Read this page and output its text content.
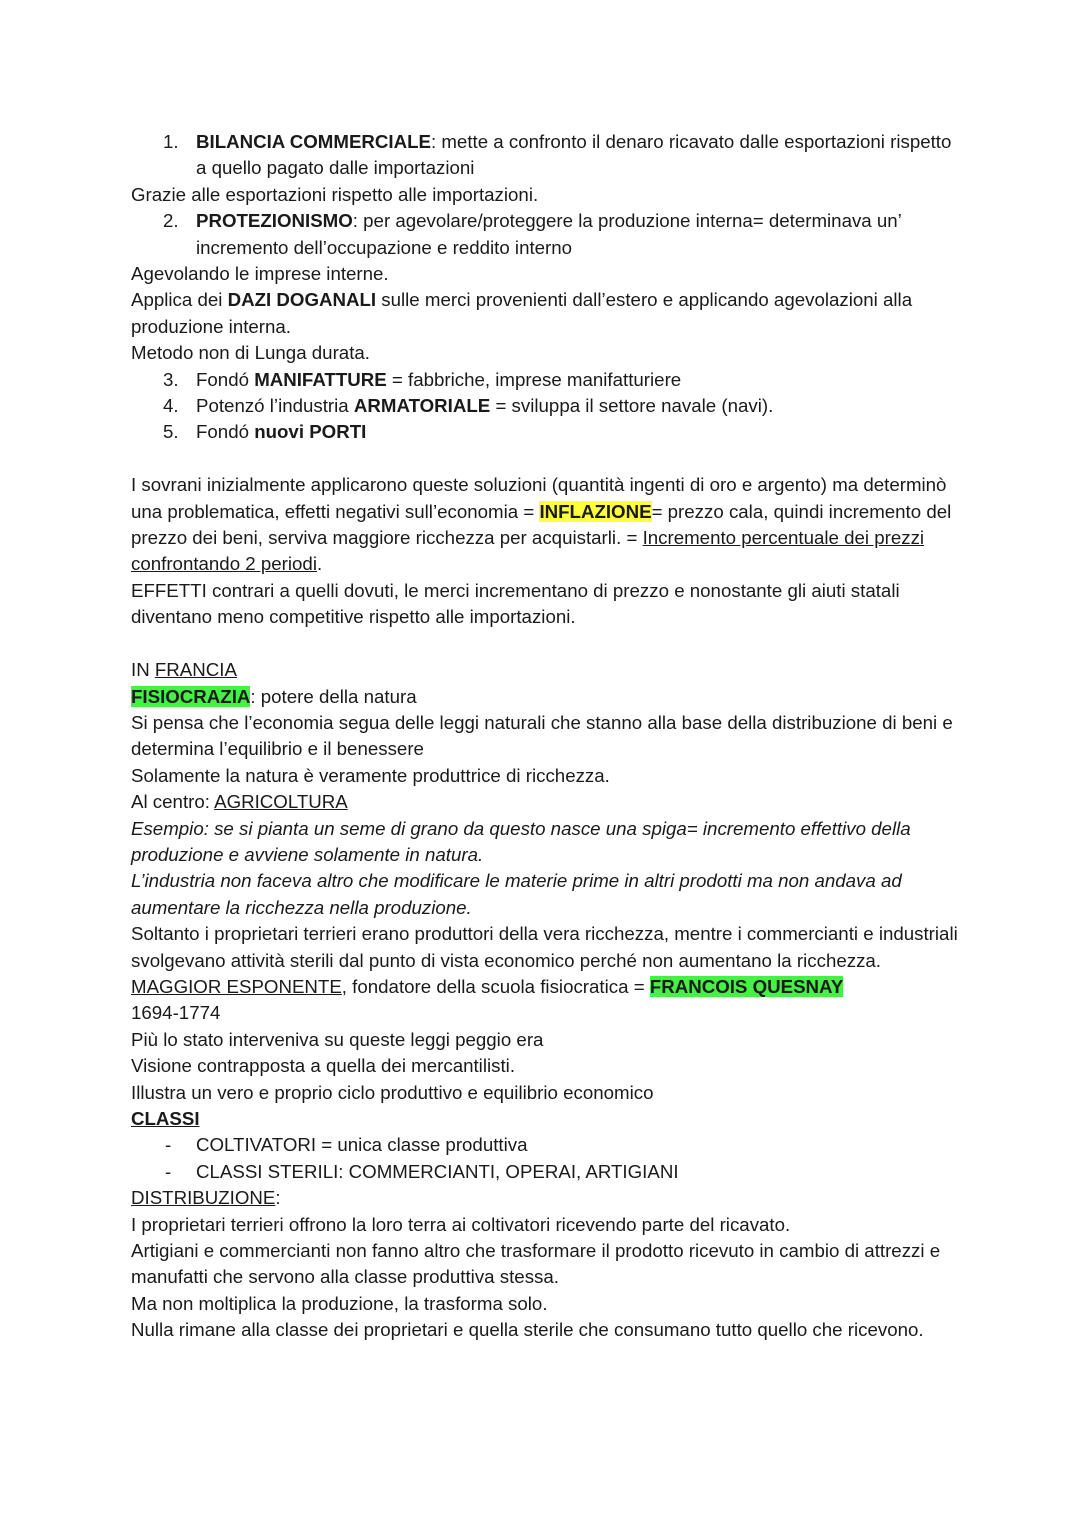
1. BILANCIA COMMERCIALE: mette a confronto il denaro ricavato dalle esportazioni rispetto a quello pagato dalle importazioni
Grazie alle esportazioni rispetto alle importazioni.
2. PROTEZIONISMO: per agevolare/proteggere la produzione interna= determinava un’ incremento dell’occupazione e reddito interno
Agevolando le imprese interne.
Applica dei DAZI DOGANALI sulle merci provenienti dall’estero e applicando agevolazioni alla produzione interna.
Metodo non di Lunga durata.
3. Fondó MANIFATTURE = fabbriche, imprese manifatturiere
4. Potenzó l’industria ARMATORIALE = sviluppa il settore navale (navi).
5. Fondó nuovi PORTI
I sovrani inizialmente applicarono queste soluzioni (quantità ingenti di oro e argento) ma determinò una problematica, effetti negativi sull’economia = INFLAZIONE= prezzo cala, quindi incremento del prezzo dei beni, serviva maggiore ricchezza per acquistarli. = Incremento percentuale dei prezzi confrontando 2 periodi.
EFFETTI contrari a quelli dovuti, le merci incrementano di prezzo e nonostante gli aiuti statali diventano meno competitive rispetto alle importazioni.
IN FRANCIA
FISIOCRAZIA: potere della natura
Si pensa che l’economia segua delle leggi naturali che stanno alla base della distribuzione di beni e determina l’equilibrio e il benessere
Solamente la natura è veramente produttrice di ricchezza.
Al centro: AGRICOLTURA
Esempio: se si pianta un seme di grano da questo nasce una spiga= incremento effettivo della produzione e avviene solamente in natura.
L’industria non faceva altro che modificare le materie prime in altri prodotti ma non andava ad aumentare la ricchezza nella produzione.
Soltanto i proprietari terrieri erano produttori della vera ricchezza, mentre i commercianti e industriali svolgevano attività sterili dal punto di vista economico perché non aumentano la ricchezza.
MAGGIOR ESPONENTE, fondatore della scuola fisiocratica = FRANCOIS QUESNAY
1694-1774
Più lo stato interveniva su queste leggi peggio era
Visione contrapposta a quella dei mercantilisti.
Illustra un vero e proprio ciclo produttivo e equilibrio economico
CLASSI
- COLTIVATORI = unica classe produttiva
- CLASSI STERILI: COMMERCIANTI, OPERAI, ARTIGIANI
DISTRIBUZIONE:
I proprietari terrieri offrono la loro terra ai coltivatori ricevendo parte del ricavato.
Artigiani e commercianti non fanno altro che trasformare il prodotto ricevuto in cambio di attrezzi e manufatti che servono alla classe produttiva stessa.
Ma non moltiplica la produzione, la trasforma solo.
Nulla rimane alla classe dei proprietari e quella sterile che consumano tutto quello che ricevono.
